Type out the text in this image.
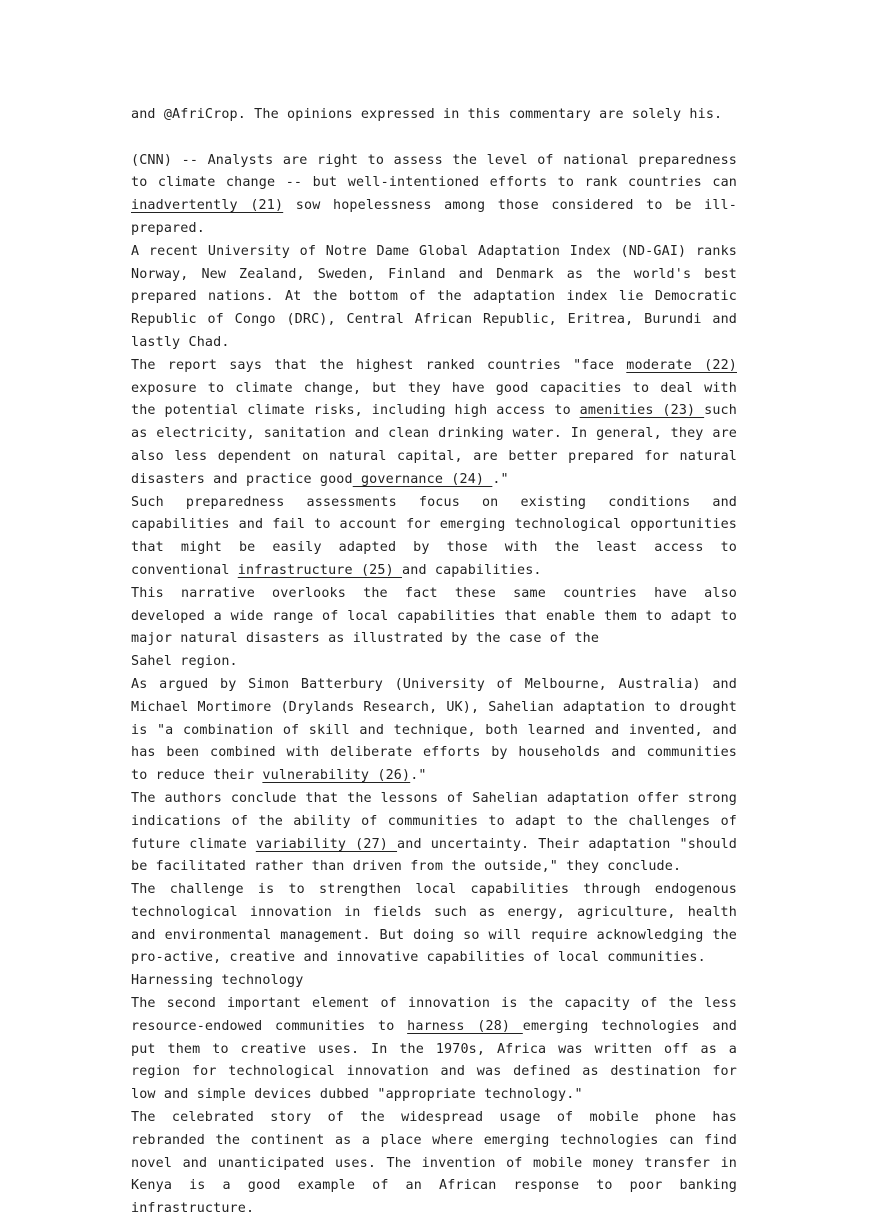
and @AfriCrop. The opinions expressed in this commentary are solely his.

(CNN) -- Analysts are right to assess the level of national preparedness to climate change -- but well-intentioned efforts to rank countries can inadvertently (21) sow hopelessness among those considered to be ill-prepared.

A recent University of Notre Dame Global Adaptation Index (ND-GAI) ranks Norway, New Zealand, Sweden, Finland and Denmark as the world's best prepared nations. At the bottom of the adaptation index lie Democratic Republic of Congo (DRC), Central African Republic, Eritrea, Burundi and lastly Chad.

The report says that the highest ranked countries "face moderate (22) exposure to climate change, but they have good capacities to deal with the potential climate risks, including high access to amenities (23) such as electricity, sanitation and clean drinking water. In general, they are also less dependent on natural capital, are better prepared for natural disasters and practice good governance (24) ."

Such preparedness assessments focus on existing conditions and capabilities and fail to account for emerging technological opportunities that might be easily adapted by those with the least access to conventional infrastructure (25) and capabilities.

This narrative overlooks the fact these same countries have also developed a wide range of local capabilities that enable them to adapt to major natural disasters as illustrated by the case of the

Sahel region.

As argued by Simon Batterbury (University of Melbourne, Australia) and Michael Mortimore (Drylands Research, UK), Sahelian adaptation to drought is "a combination of skill and technique, both learned and invented, and has been combined with deliberate efforts by households and communities to reduce their vulnerability (26)."

The authors conclude that the lessons of Sahelian adaptation offer strong indications of the ability of communities to adapt to the challenges of future climate variability (27) and uncertainty. Their adaptation "should be facilitated rather than driven from the outside," they conclude.

The challenge is to strengthen local capabilities through endogenous technological innovation in fields such as energy, agriculture, health and environmental management. But doing so will require acknowledging the pro-active, creative and innovative capabilities of local communities.

Harnessing technology

The second important element of innovation is the capacity of the less resource-endowed communities to harness (28) emerging technologies and put them to creative uses. In the 1970s, Africa was written off as a region for technological innovation and was defined as destination for low and simple devices dubbed "appropriate technology."

The celebrated story of the widespread usage of mobile phone has rebranded the continent as a place where emerging technologies can find novel and unanticipated uses. The invention of mobile money transfer in Kenya is a good example of an African response to poor banking infrastructure.
